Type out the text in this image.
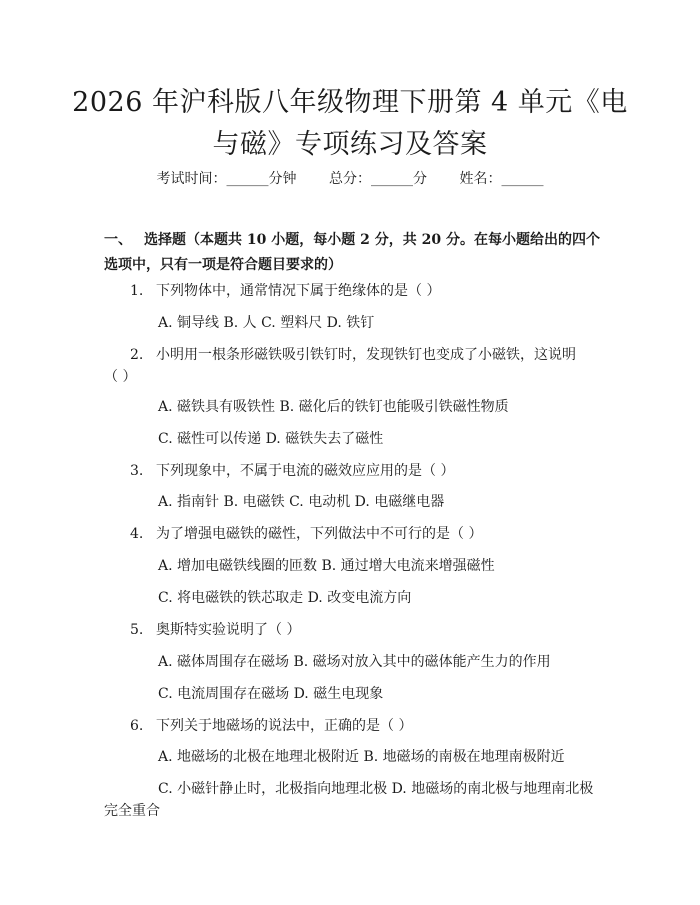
2026 年沪科版八年级物理下册第 4 单元《电
与磁》专项练习及答案
考试时间：______分钟 总分：______分 姓名：______
一、 选择题（本题共 10 小题，每小题 2 分，共 20 分。在每小题给出的四个选项中，只有一项是符合题目要求的）
1. 下列物体中，通常情况下属于绝缘体的是（ ）
A. 铜导线 B. 人 C. 塑料尺 D. 铁钉
2. 小明用一根条形磁铁吸引铁钉时，发现铁钉也变成了小磁铁，这说明
（ ）
A. 磁铁具有吸铁性 B. 磁化后的铁钉也能吸引铁磁性物质
C. 磁性可以传递 D. 磁铁失去了磁性
3. 下列现象中，不属于电流的磁效应应用的是（ ）
A. 指南针 B. 电磁铁 C. 电动机 D. 电磁继电器
4. 为了增强电磁铁的磁性，下列做法中不可行的是（ ）
A. 增加电磁铁线圈的匝数 B. 通过增大电流来增强磁性
C. 将电磁铁的铁芯取走 D. 改变电流方向
5. 奥斯特实验说明了（ ）
A. 磁体周围存在磁场 B. 磁场对放入其中的磁体能产生力的作用
C. 电流周围存在磁场 D. 磁生电现象
6. 下列关于地磁场的说法中，正确的是（ ）
A. 地磁场的北极在地理北极附近 B. 地磁场的南极在地理南极附近
C. 小磁针静止时，北极指向地理北极 D. 地磁场的南北极与地理南北极
完全重合
